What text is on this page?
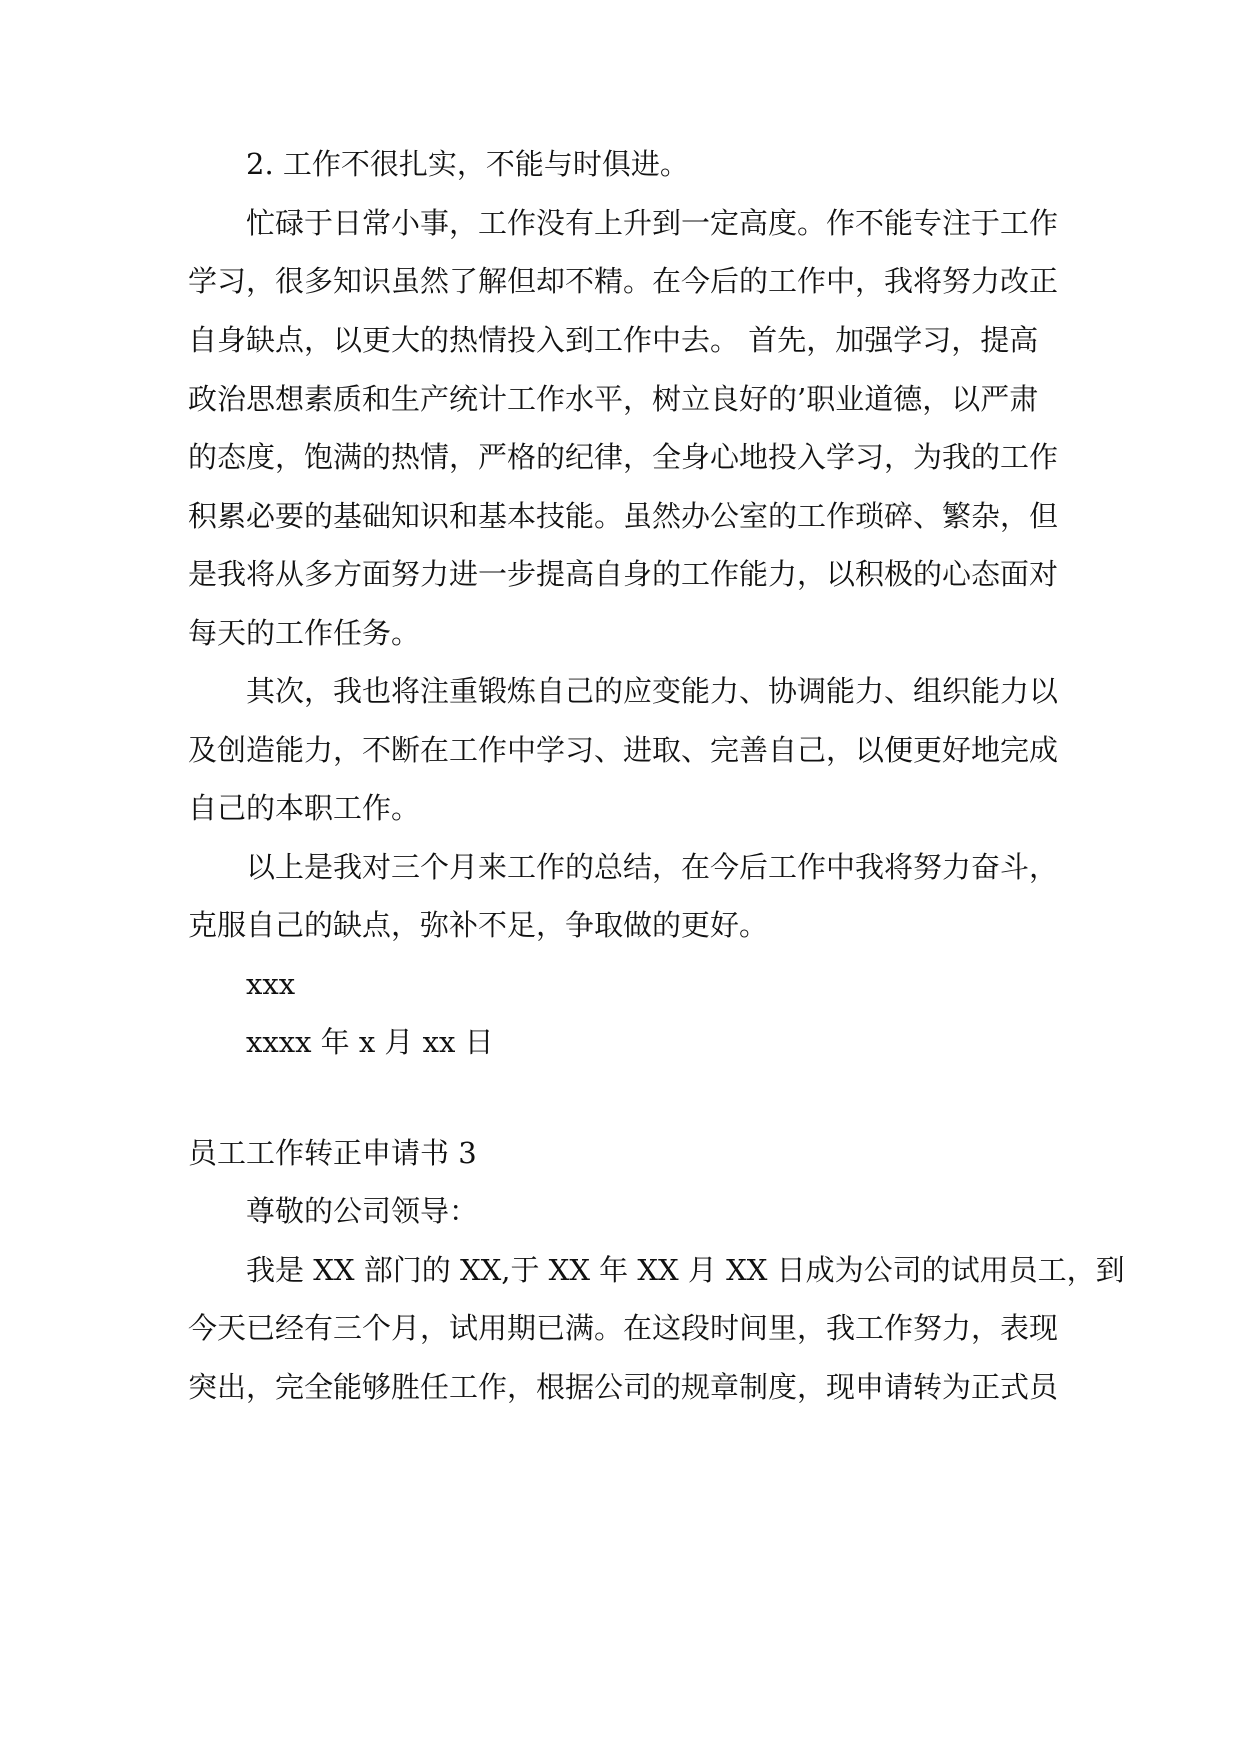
2. 工作不很扎实，不能与时俱进。
忙碌于日常小事，工作没有上升到一定高度。作不能专注于工作
学习，很多知识虽然了解但却不精。在今后的工作中，我将努力改正
自身缺点，以更大的热情投入到工作中去。 首先，加强学习，提高
政治思想素质和生产统计工作水平，树立良好的’职业道德，以严肃
的态度，饱满的热情，严格的纪律，全身心地投入学习，为我的工作
积累必要的基础知识和基本技能。虽然办公室的工作琐碎、繁杂，但
是我将从多方面努力进一步提高自身的工作能力，以积极的心态面对
每天的工作任务。
其次，我也将注重锻炼自己的应变能力、协调能力、组织能力以
及创造能力，不断在工作中学习、进取、完善自己，以便更好地完成
自己的本职工作。
以上是我对三个月来工作的总结，在今后工作中我将努力奋斗，
克服自己的缺点，弥补不足，争取做的更好。
xxx
xxxx 年 x 月 xx 日
员工工作转正申请书 3
尊敬的公司领导：
我是 XX 部门的 XX,于 XX 年 XX 月 XX 日成为公司的试用员工，到
今天已经有三个月，试用期已满。在这段时间里，我工作努力，表现
突出，完全能够胜任工作，根据公司的规章制度，现申请转为正式员
